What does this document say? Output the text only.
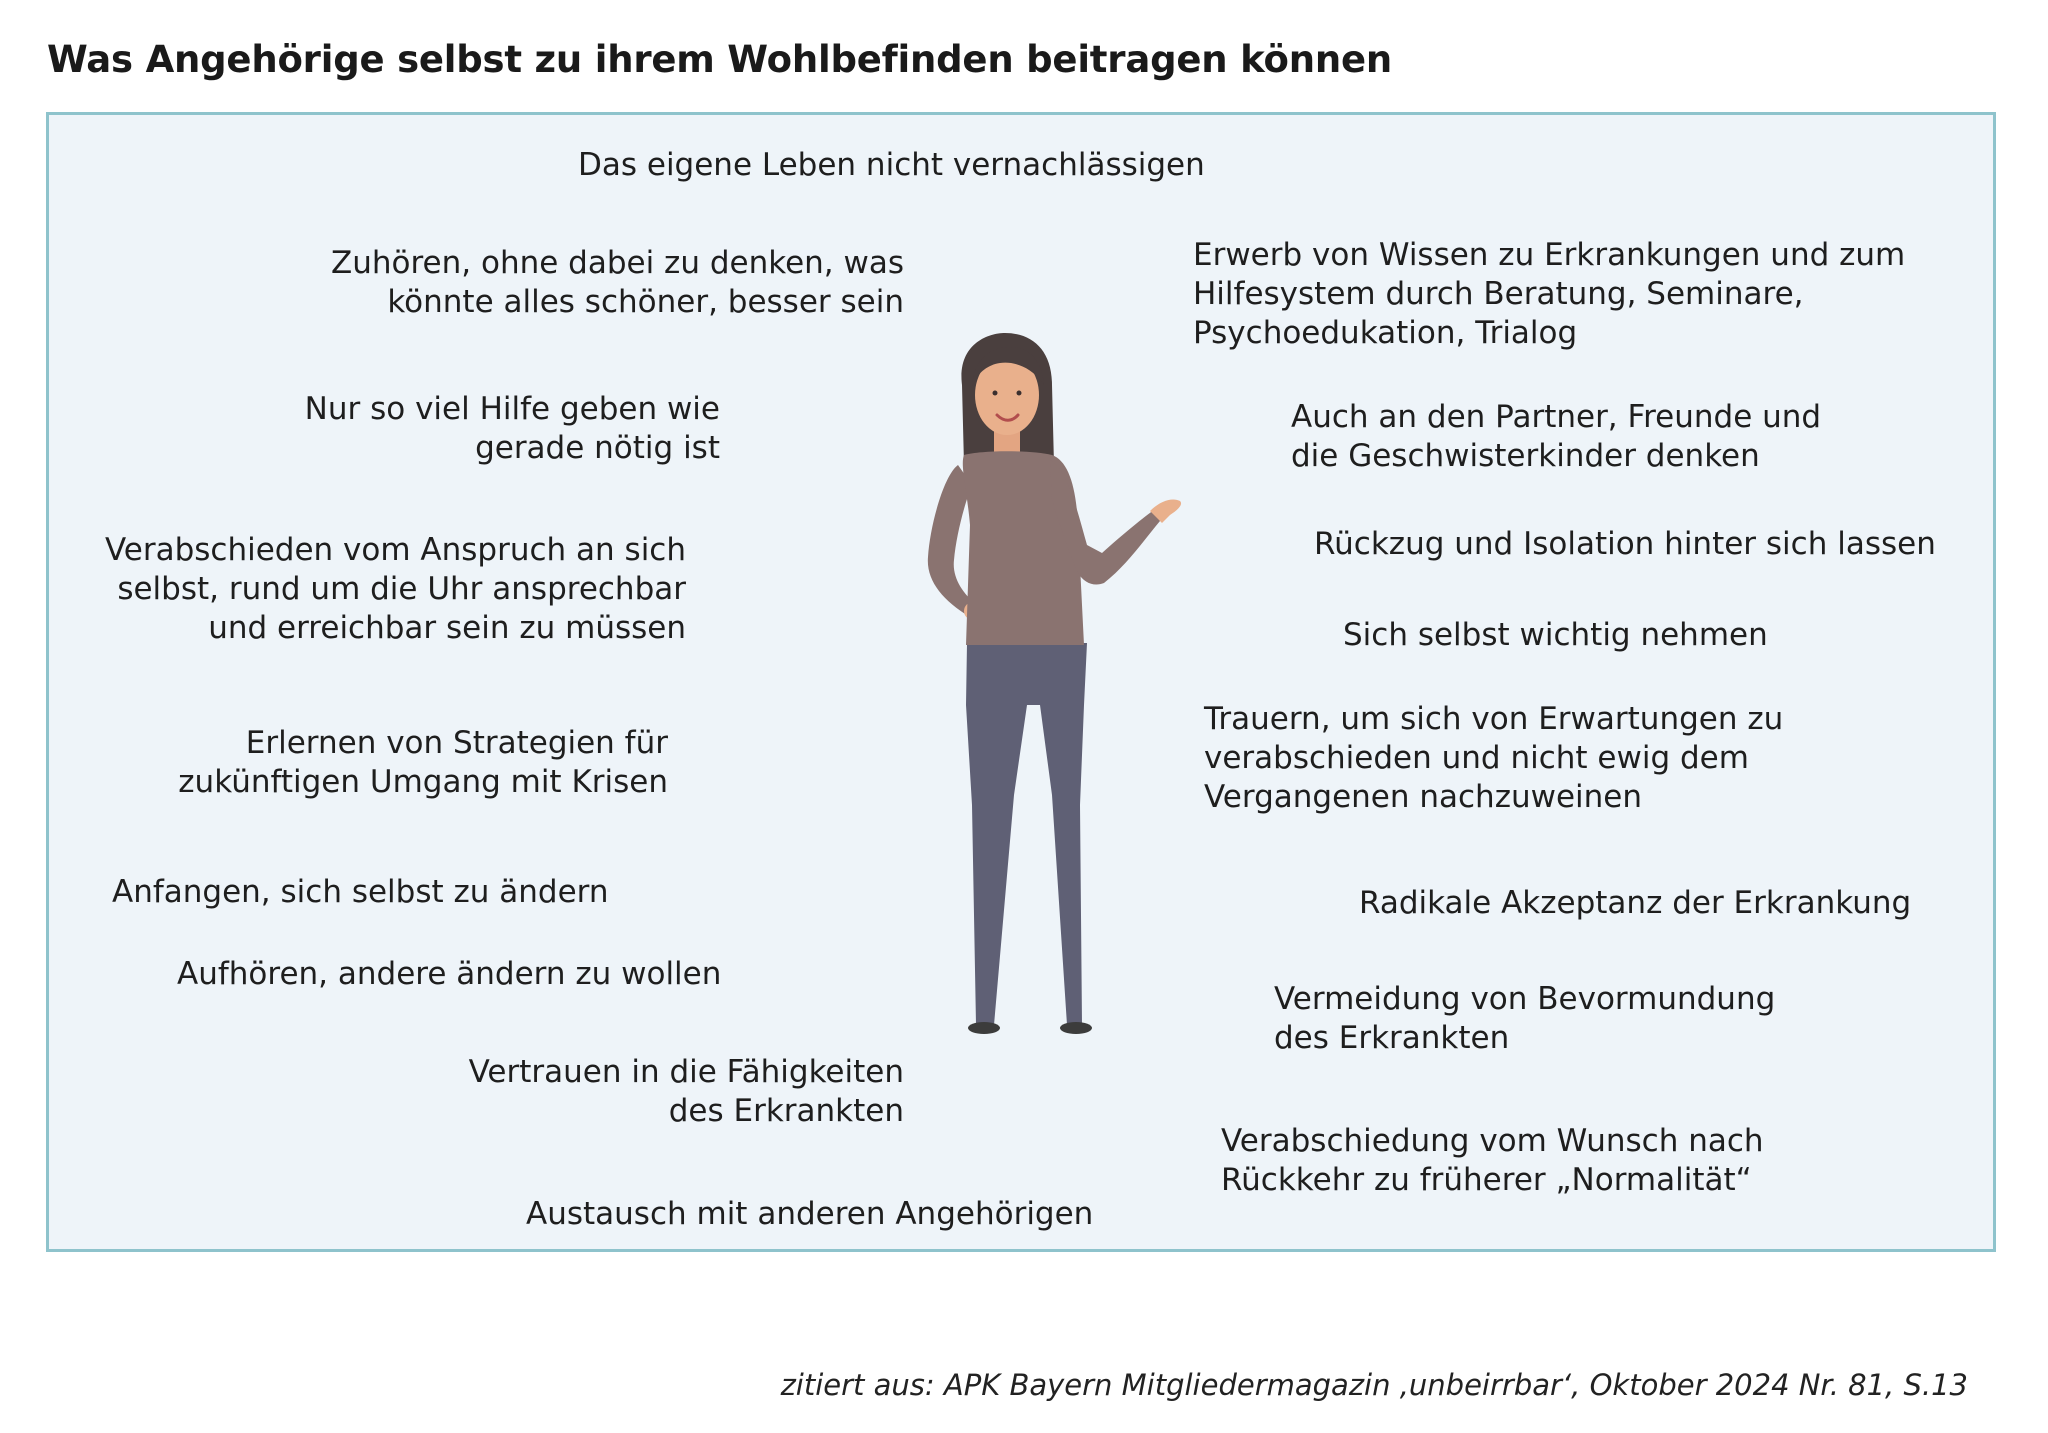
Was Angehörige selbst zu ihrem Wohlbefinden beitragen können
Das eigene Leben nicht vernachlässigen
Zuhören, ohne dabei zu denken, was
könnte alles schöner, besser sein
Nur so viel Hilfe geben wie
gerade nötig ist
Verabschieden vom Anspruch an sich
selbst, rund um die Uhr ansprechbar
und erreichbar sein zu müssen
Erlernen von Strategien für
zukünftigen Umgang mit Krisen
Anfangen, sich selbst zu ändern
Aufhören, andere ändern zu wollen
Vertrauen in die Fähigkeiten
des Erkrankten
Austausch mit anderen Angehörigen
Erwerb von Wissen zu Erkrankungen und zum
Hilfesystem durch Beratung, Seminare,
Psychoedukation, Trialog
Auch an den Partner, Freunde und
die Geschwisterkinder denken
Rückzug und Isolation hinter sich lassen
Sich selbst wichtig nehmen
Trauern, um sich von Erwartungen zu
verabschieden und nicht ewig dem
Vergangenen nachzuweinen
Radikale Akzeptanz der Erkrankung
Vermeidung von Bevormundung
des Erkrankten
Verabschiedung vom Wunsch nach
Rückkehr zu früherer „Normalität“
zitiert aus: APK Bayern Mitgliedermagazin ‚unbeirrbar‘, Oktober 2024 Nr. 81, S.13
